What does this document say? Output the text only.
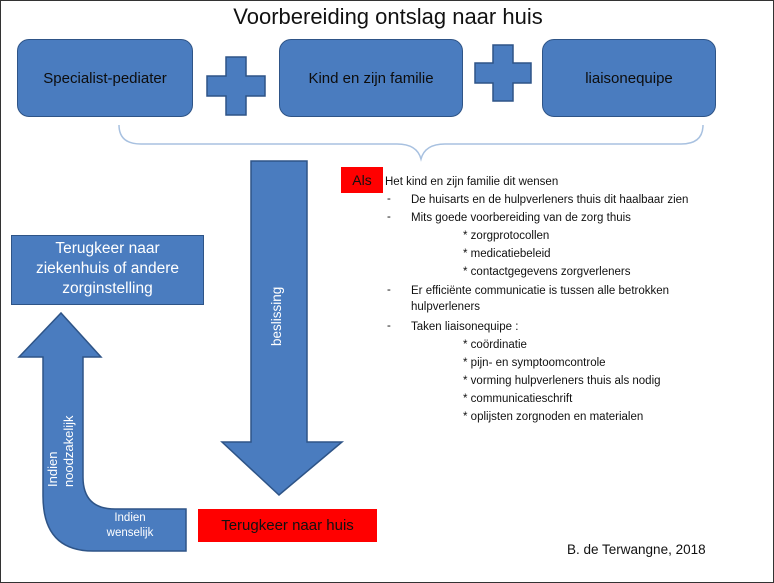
Voorbereiding ontslag naar huis
Specialist-pediater	Kind en zijn familie	liaisonequipe
Als Het kind en zijn familie dit wensen
- De huisarts en de hulpverleners thuis dit haalbaar zien
- Mits goede voorbereiding van de zorg thuis
* zorgprotocollen
* medicatiebeleid
* contactgegevens zorgverleners
- Er efficiënte communicatie is tussen alle betrokken
hulpverleners
- Taken liaisonequipe :
* coördinatie
* pijn- en symptoomcontrole
* vorming hulpverleners thuis als nodig
* communicatieschrift
* oplijsten zorgnoden en materialen
beslissing
Terugkeer naar
ziekenhuis of andere
zorginstelling
Indien noodzakelijk
Indien
wenselijk	Terugkeer naar huis
B. de Terwangne, 2018
